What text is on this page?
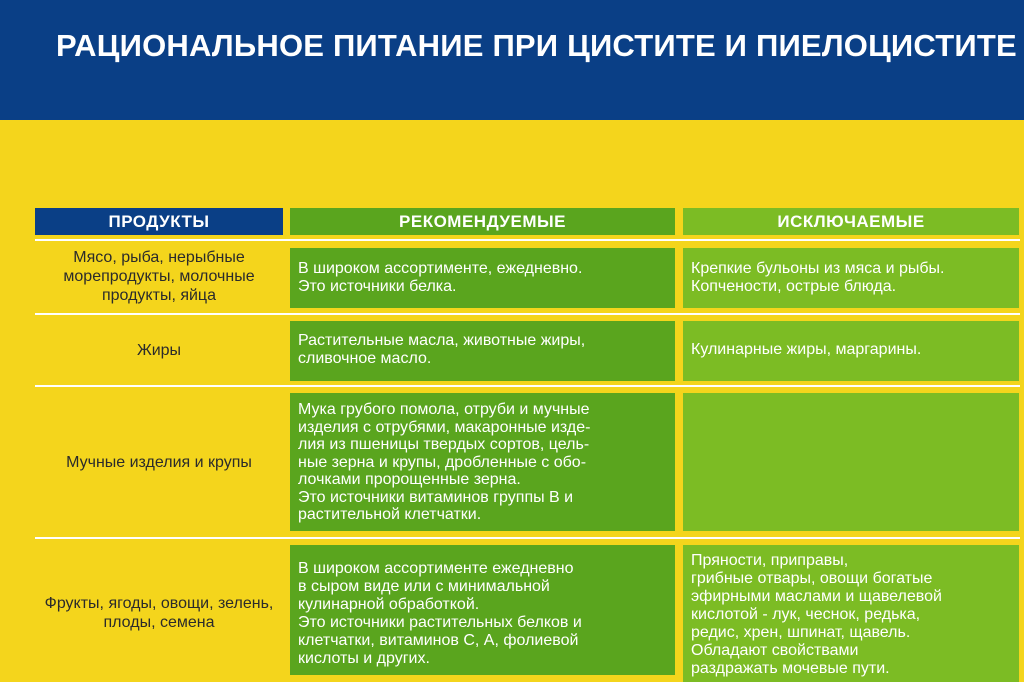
РАЦИОНАЛЬНОЕ ПИТАНИЕ ПРИ ЦИСТИТЕ И ПИЕЛОЦИСТИТЕ
ПРОДУКТЫ	РЕКОМЕНДУЕМЫЕ	ИСКЛЮЧАЕМЫЕ
Мясо, рыба, нерыбные морепродукты, молочные продукты, яйца
В широком ассортименте, ежедневно.
Это источники белка.
Крепкие бульоны из мяса и рыбы.
Копчености, острые блюда.
Жиры
Растительные масла, животные жиры,
сливочное масло.
Кулинарные жиры, маргарины.
Мучные изделия и крупы
Мука грубого помола, отруби и мучные
изделия с отрубями, макаронные изде-
лия из пшеницы твердых сортов, цель-
ные зерна и крупы, дробленные с обо-
лочками пророщенные зерна.
Это источники витаминов группы В и
растительной клетчатки.
Фрукты, ягоды, овощи, зелень, плоды, семена
В широком ассортименте ежедневно
в сыром виде или с минимальной
кулинарной обработкой.
Это источники растительных белков и
клетчатки, витаминов С, А, фолиевой
кислоты и других.
Пряности, приправы,
грибные отвары, овощи богатые
эфирными маслами и щавелевой
кислотой - лук, чеснок, редька,
редис, хрен, шпинат, щавель.
Обладают свойствами
раздражать мочевые пути.
